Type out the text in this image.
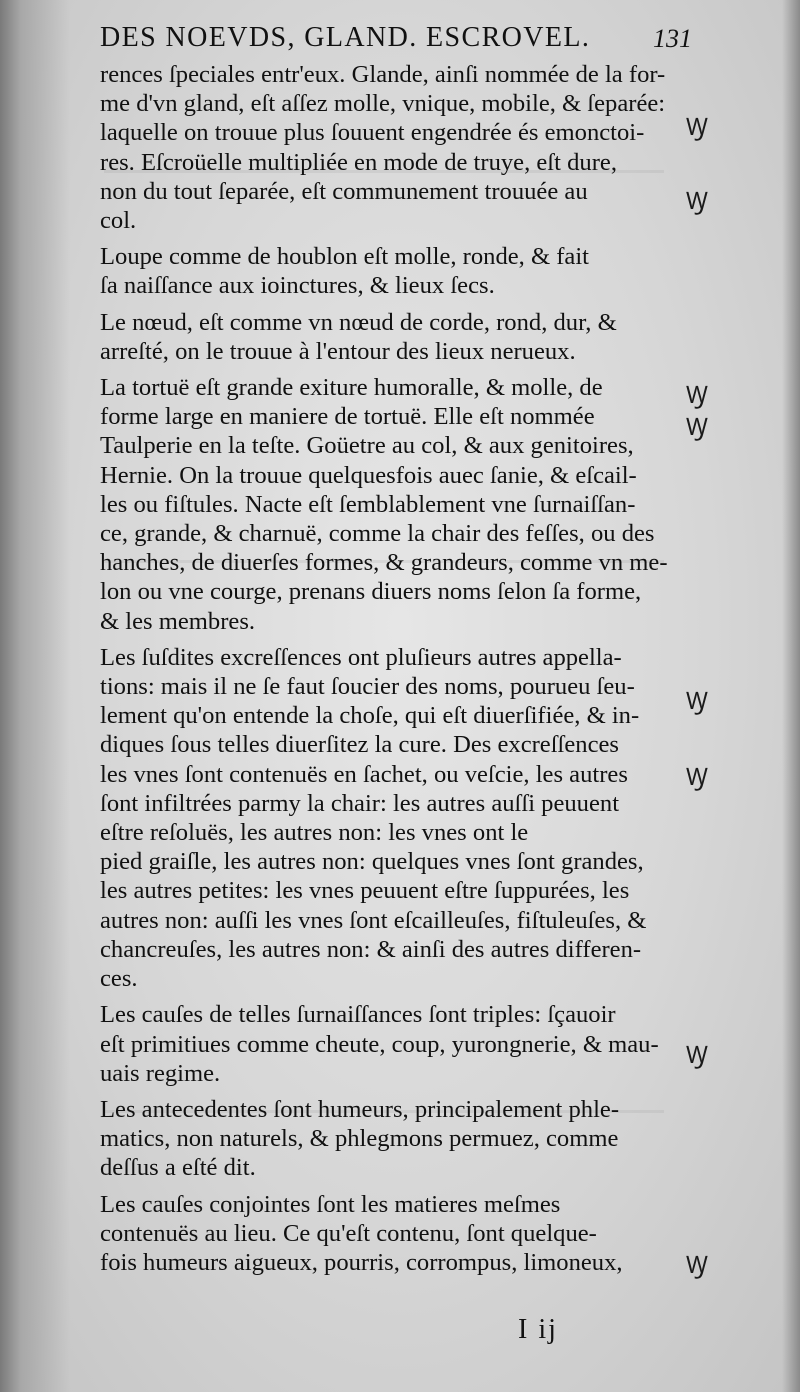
DES NOEVDS, GLAND. ESCROVEL. 131
rences ſpeciales entr'eux. Glande, ainſi nommée de la for-
me d'vn gland, eſt aſſez molle, vnique, mobile, & ſeparée:
laquelle on trouue plus ſouuent engendrée és emonctoi-
res. Eſcroüelle multipliée en mode de truye, eſt dure,
non du tout ſeparée, eſt communement trouuée au
col.
Loupe comme de houblon eſt molle, ronde, & fait
ſa naiſſance aux ioinctures, & lieux ſecs.
Le nœud, eſt comme vn nœud de corde, rond, dur, &
arreſté, on le trouue à l'entour des lieux nerueux.
La tortuë eſt grande exiture humoralle, & molle, de
forme large en maniere de tortuë. Elle eſt nommée
Taulperie en la teſte. Goüetre au col, & aux genitoires,
Hernie. On la trouue quelquesfois auec ſanie, & eſcail-
les ou fiſtules. Nacte eſt ſemblablement vne ſurnaiſſan-
ce, grande, & charnuë, comme la chair des feſſes, ou des
hanches, de diuerſes formes, & grandeurs, comme vn me-
lon ou vne courge, prenans diuers noms ſelon ſa forme,
& les membres.
Les ſuſdites excreſſences ont pluſieurs autres appella-
tions: mais il ne ſe faut ſoucier des noms, pourueu ſeu-
lement qu'on entende la choſe, qui eſt diuerſifiée, & in-
diques ſous telles diuerſitez la cure. Des excreſſences
les vnes ſont contenuës en ſachet, ou veſcie, les autres
ſont infiltrées parmy la chair: les autres auſſi peuuent
eſtre reſoluës, les autres non: les vnes ont le
pied graiſle, les autres non: quelques vnes ſont grandes,
les autres petites: les vnes peuuent eſtre ſuppurées, les
autres non: auſſi les vnes ſont eſcailleuſes, fiſtuleuſes, &
chancreuſes, les autres non: & ainſi des autres differen-
ces.
Les cauſes de telles ſurnaiſſances ſont triples: ſçauoir
eſt primitiues comme cheute, coup, yurongnerie, & mau-
uais regime.
Les antecedentes ſont humeurs, principalement phle-
matics, non naturels, & phlegmons permuez, comme
deſſus a eſté dit.
Les cauſes conjointes ſont les matieres meſmes
contenuës au lieu. Ce qu'eſt contenu, ſont quelque-
fois humeurs aigueux, pourris, corrompus, limoneux,
I ij
Ꝡ
Ꝡ
Ꝡ
Ꝡ
Ꝡ
Ꝡ
Ꝡ
Ꝡ
